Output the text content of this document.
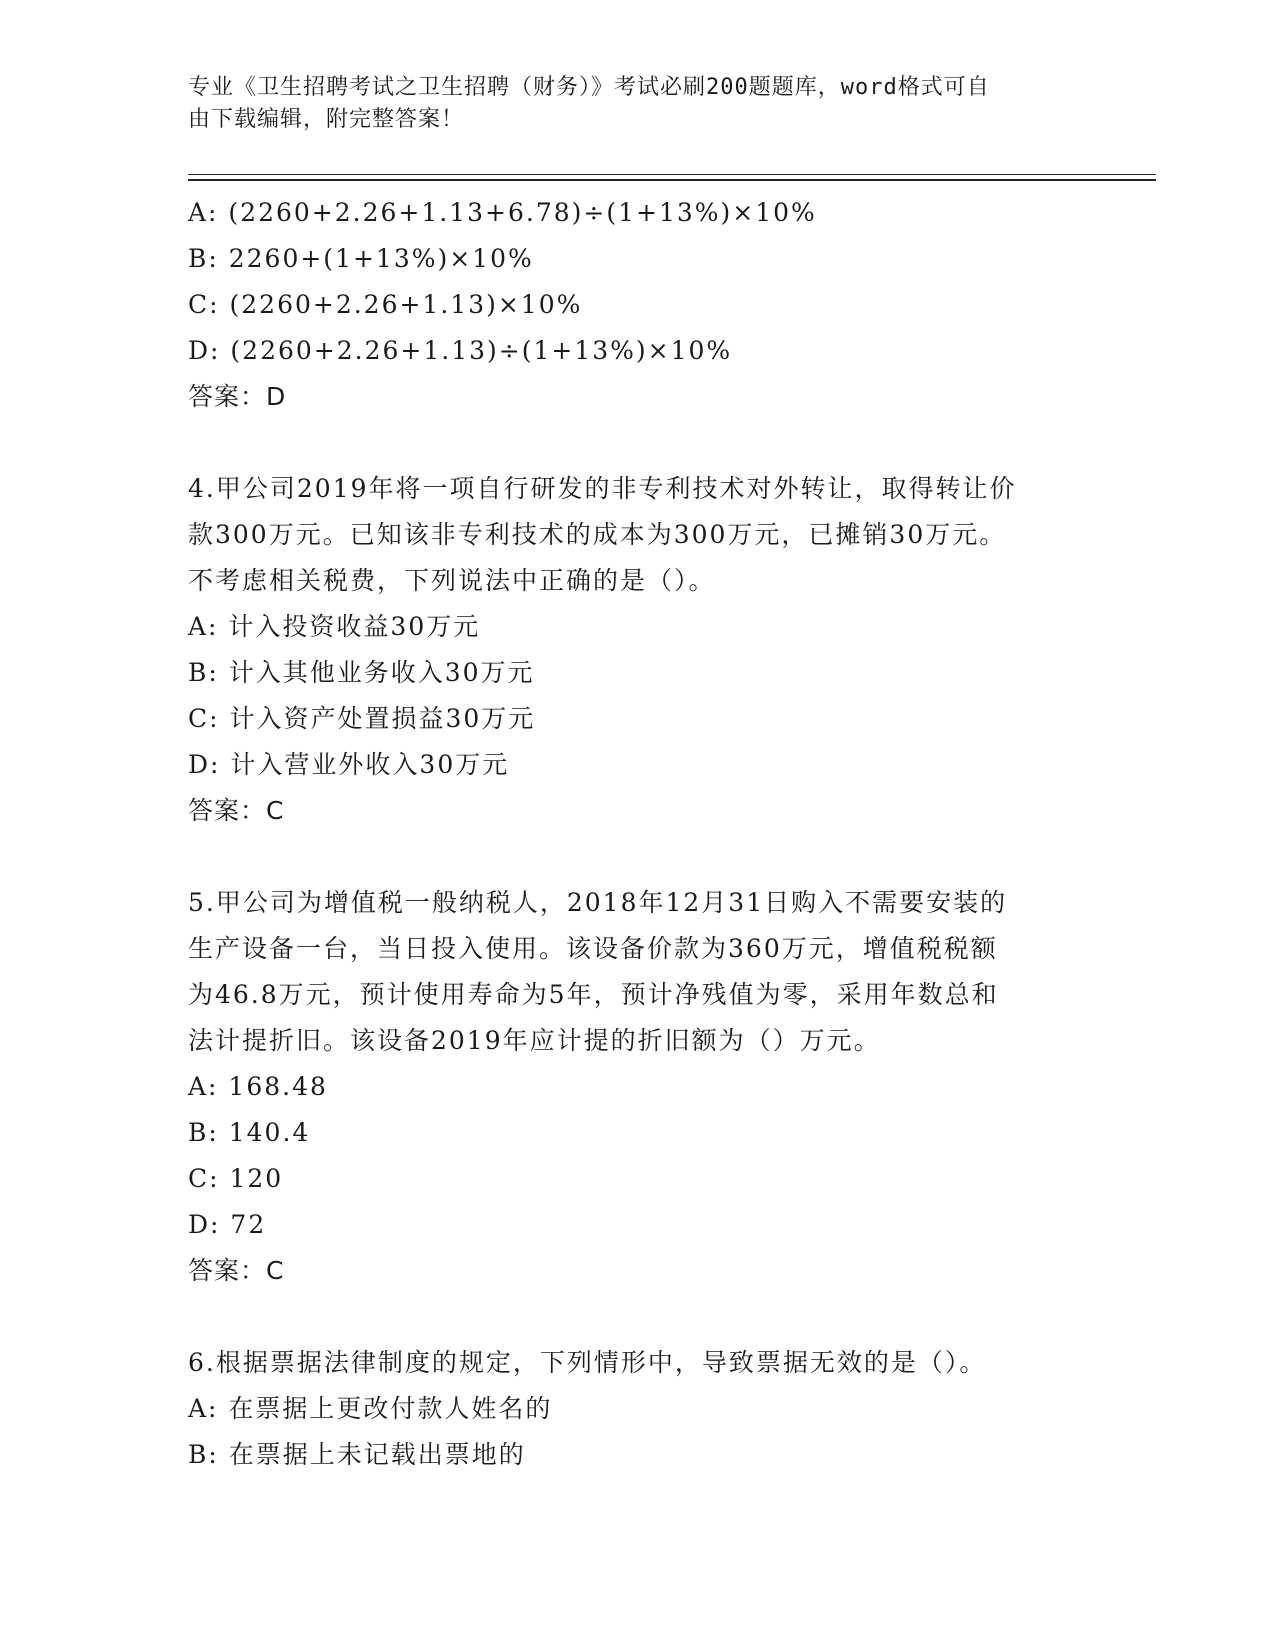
专业《卫生招聘考试之卫生招聘（财务）》考试必刷200题题库，word格式可自
由下载编辑，附完整答案！
A: (2260+2.26+1.13+6.78)÷(1+13%)×10%
B: 2260+(1+13%)×10%
C: (2260+2.26+1.13)×10%
D: (2260+2.26+1.13)÷(1+13%)×10%
答案：D
4.甲公司2019年将一项自行研发的非专利技术对外转让，取得转让价
款300万元。已知该非专利技术的成本为300万元，已摊销30万元。
不考虑相关税费，下列说法中正确的是（）。
A: 计入投资收益30万元
B: 计入其他业务收入30万元
C: 计入资产处置损益30万元
D: 计入营业外收入30万元
答案：C
5.甲公司为增值税一般纳税人，2018年12月31日购入不需要安装的
生产设备一台，当日投入使用。该设备价款为360万元，增值税税额
为46.8万元，预计使用寿命为5年，预计净残值为零，采用年数总和
法计提折旧。该设备2019年应计提的折旧额为（）万元。
A: 168.48
B: 140.4
C: 120
D: 72
答案：C
6.根据票据法律制度的规定，下列情形中，导致票据无效的是（）。
A: 在票据上更改付款人姓名的
B: 在票据上未记载出票地的
